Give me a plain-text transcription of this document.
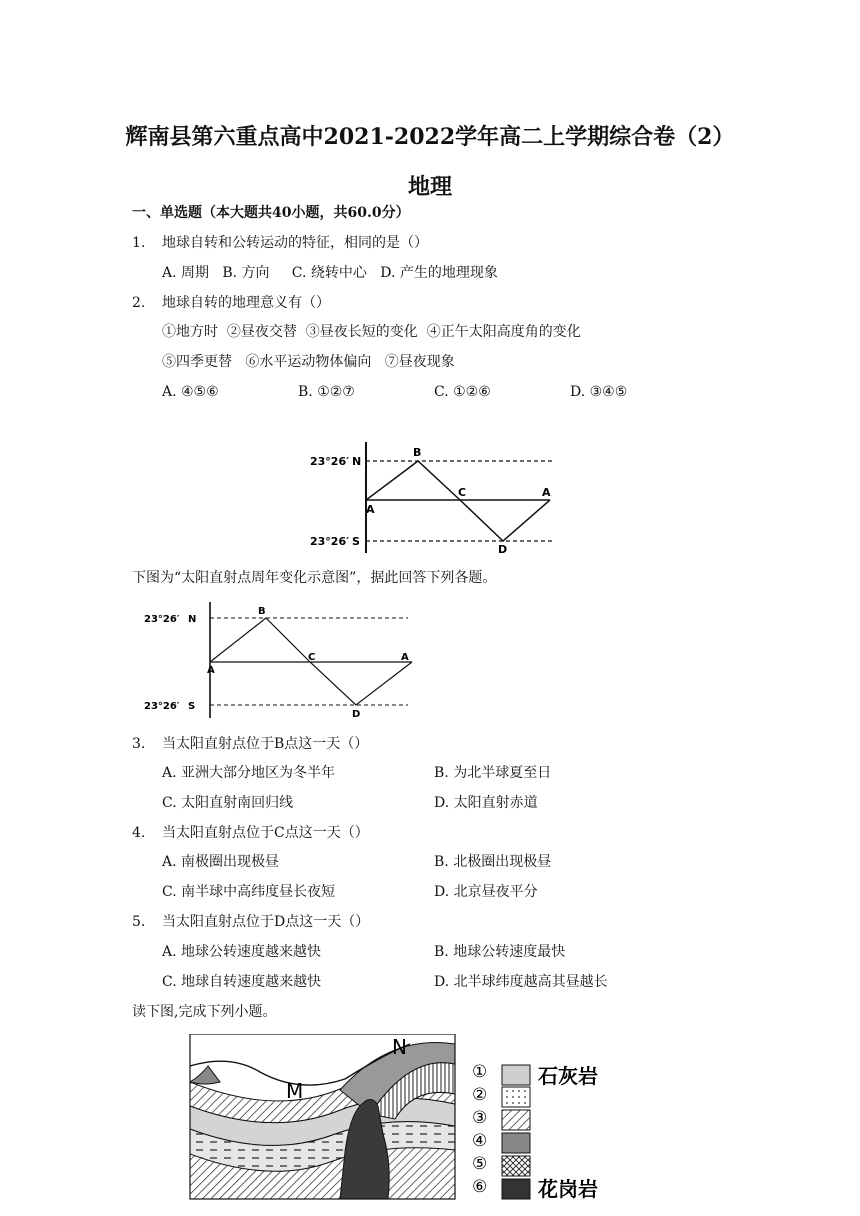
辉南县第六重点高中2021-2022学年高二上学期综合卷（2）
地理
一、单选题（本大题共40小题，共60.0分）
1. 地球自转和公转运动的特征，相同的是（）
A. 周期   B. 方向     C. 绕转中心   D. 产生的地理现象
2. 地球自转的地理意义有（）
①地方时  ②昼夜交替  ③昼夜长短的变化  ④正午太阳高度角的变化
⑤四季更替   ⑥水平运动物体偏向   ⑦昼夜现象
A. ④⑤⑥	B. ①②⑦	C. ①②⑥	D. ③④⑤
23°26′ N
23°26′ S
B
A
C	A
D
下图为“太阳直射点周年变化示意图”，据此回答下列各题。
23°26′ N
23°26′ S
B
A
C	A
D
3. 当太阳直射点位于B点这一天（）
A. 亚洲大部分地区为冬半年	B. 为北半球夏至日
C. 太阳直射南回归线	D. 太阳直射赤道
4. 当太阳直射点位于C点这一天（）
A. 南极圈出现极昼	B. 北极圈出现极昼
C. 南半球中高纬度昼长夜短	D. 北京昼夜平分
5. 当太阳直射点位于D点这一天（）
A. 地球公转速度越来越快	B. 地球公转速度最快
C. 地球自转速度越来越快	D. 北半球纬度越高其昼越长
读下图,完成下列小题。
M
N
①	石灰岩
②
③
④
⑤
⑥	花岗岩
